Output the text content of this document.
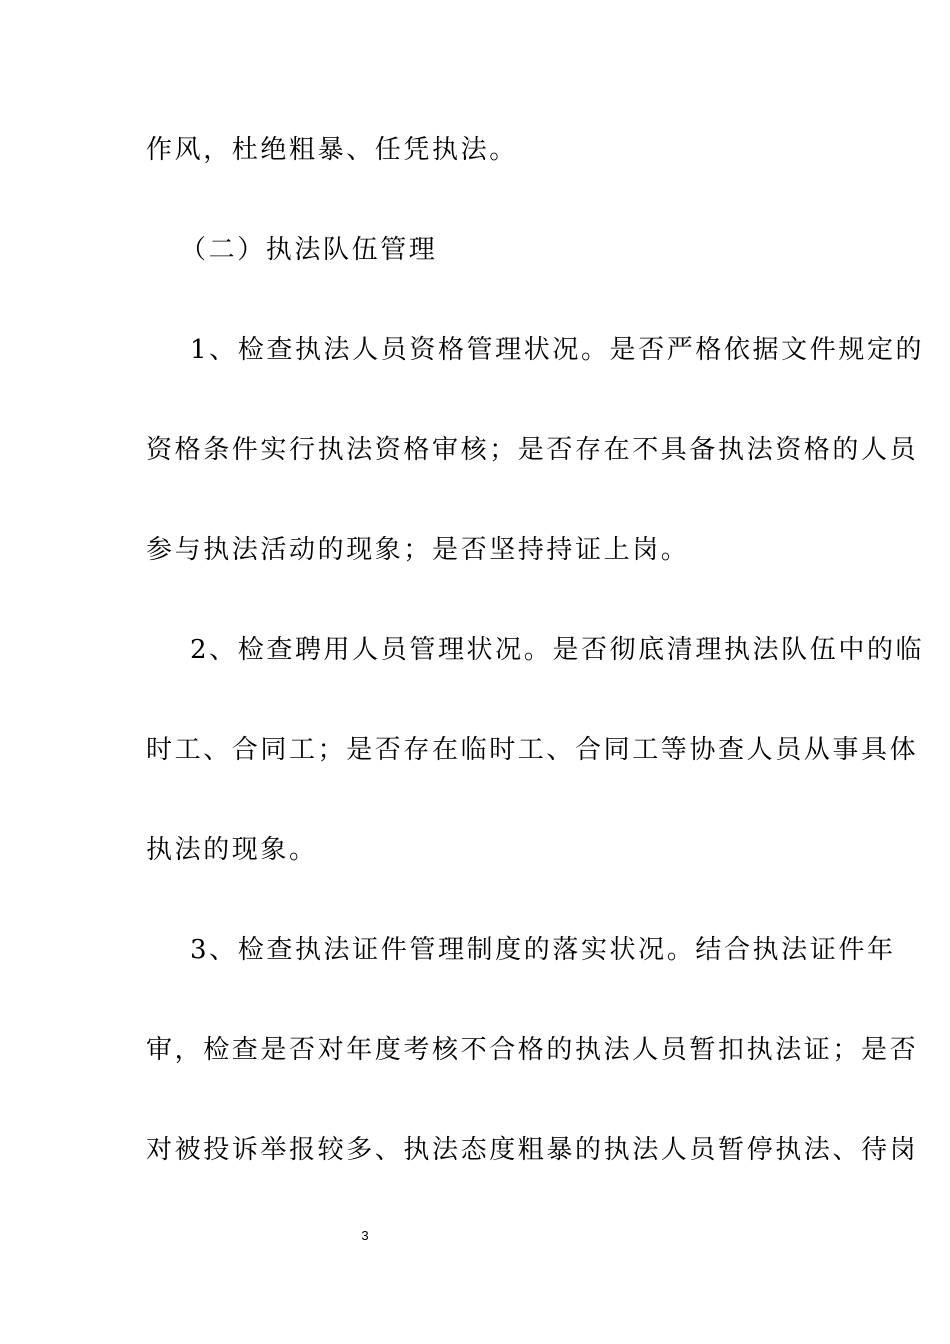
作风，杜绝粗暴、任凭执法。
（二）执法队伍管理
1、检查执法人员资格管理状况。是否严格依据文件规定的
资格条件实行执法资格审核；是否存在不具备执法资格的人员
参与执法活动的现象；是否坚持持证上岗。
2、检查聘用人员管理状况。是否彻底清理执法队伍中的临
时工、合同工；是否存在临时工、合同工等协查人员从事具体
执法的现象。
3、检查执法证件管理制度的落实状况。结合执法证件年
审，检查是否对年度考核不合格的执法人员暂扣执法证；是否
对被投诉举报较多、执法态度粗暴的执法人员暂停执法、待岗
3
